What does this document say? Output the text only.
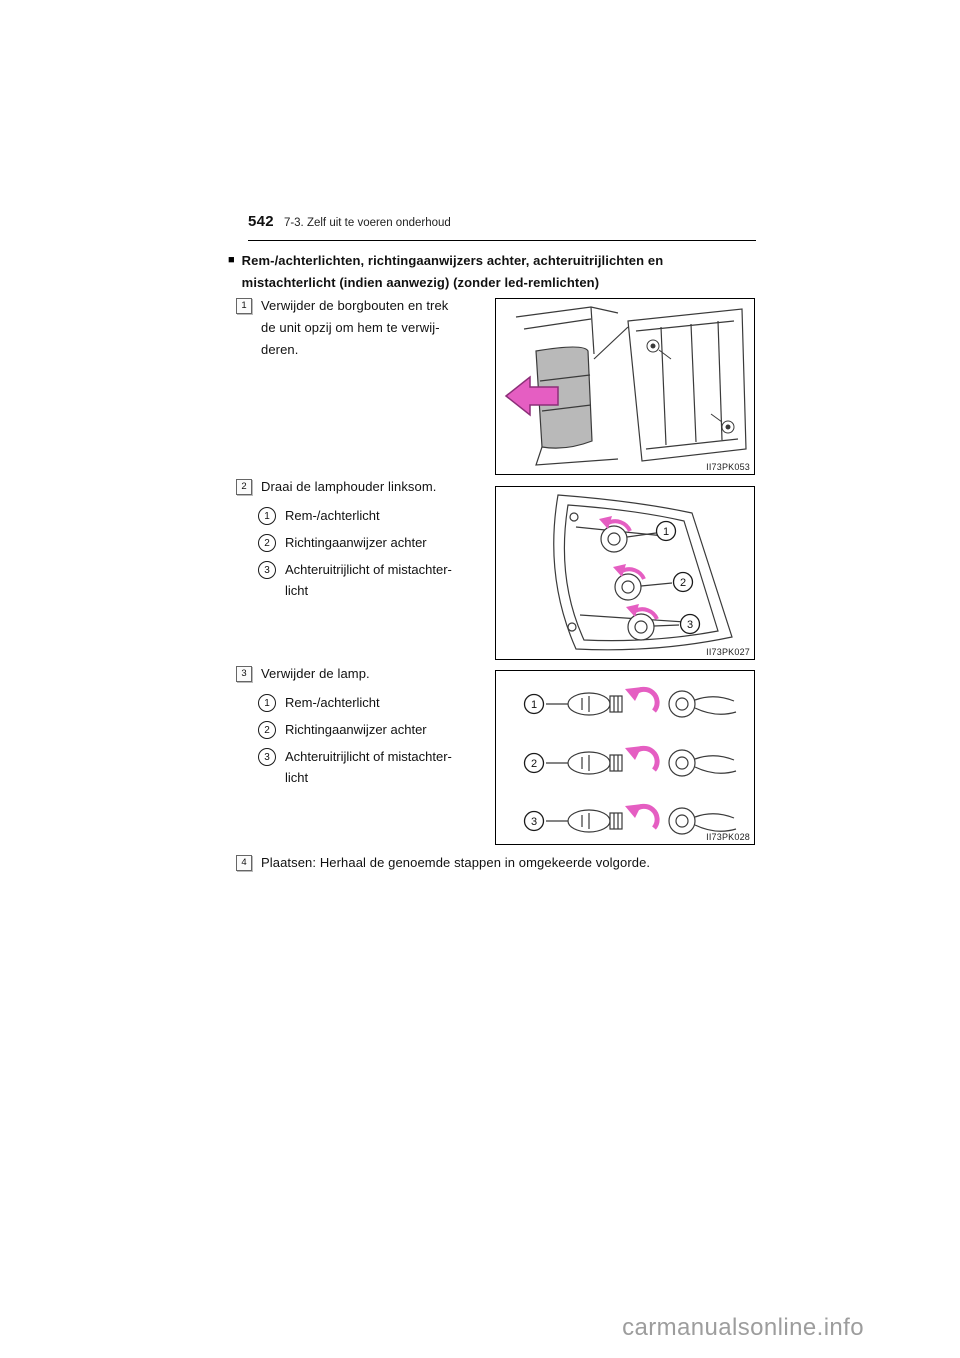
542 7-3. Zelf uit te voeren onderhoud
■ Rem-/achterlichten, richtingaanwijzers achter, achteruitrijlichten en
mistachterlicht (indien aanwezig) (zonder led-remlichten)
1	Verwijder de borgbouten en trek
de unit opzij om hem te verwij-
deren.
II73PK053
2	Draai de lamphouder linksom.
1	Rem-/achterlicht
2	Richtingaanwijzer achter
3	Achteruitrijlicht of mistachter-
licht
1
2
3
II73PK027
3	Verwijder de lamp.
1	Rem-/achterlicht
2	Richtingaanwijzer achter
3	Achteruitrijlicht of mistachter-
licht
1
2
3
II73PK028
4	Plaatsen: Herhaal de genoemde stappen in omgekeerde volgorde.
carmanualsonline.info
